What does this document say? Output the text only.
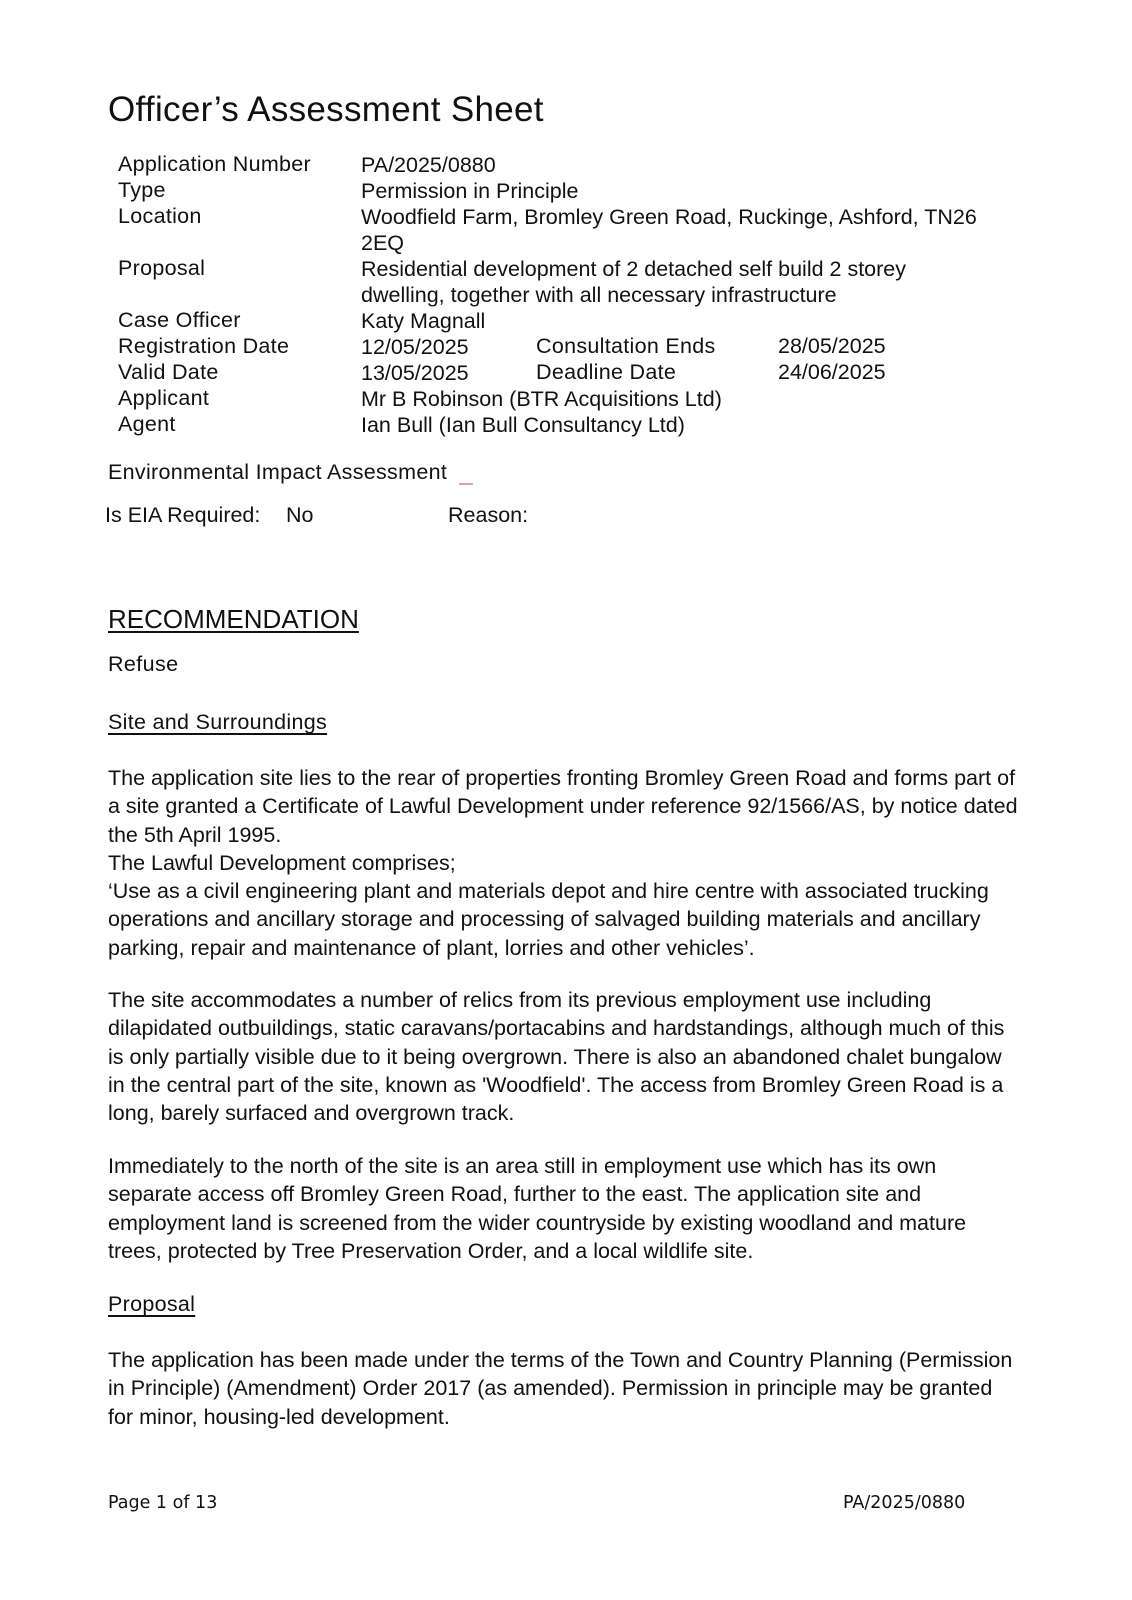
Officer’s Assessment Sheet
Application Number PA/2025/0880
Type	Permission in Principle
Location	Woodfield Farm, Bromley Green Road, Ruckinge, Ashford, TN26 2EQ
Proposal	Residential development of 2 detached self build 2 storey dwelling, together with all necessary infrastructure
Case Officer	Katy Magnall
Registration Date	12/05/2025	Consultation Ends	28/05/2025
Valid Date	13/05/2025	Deadline Date	24/06/2025
Applicant	Mr B Robinson (BTR Acquisitions Ltd)
Agent	Ian Bull (Ian Bull Consultancy Ltd)
Environmental Impact Assessment
Is EIA Required: No	Reason:
RECOMMENDATION
Refuse
Site and Surroundings
The application site lies to the rear of properties fronting Bromley Green Road and forms part of a site granted a Certificate of Lawful Development under reference 92/1566/AS, by notice dated the 5th April 1995.
The Lawful Development comprises;
‘Use as a civil engineering plant and materials depot and hire centre with associated trucking operations and ancillary storage and processing of salvaged building materials and ancillary parking, repair and maintenance of plant, lorries and other vehicles’.

The site accommodates a number of relics from its previous employment use including dilapidated outbuildings, static caravans/portacabins and hardstandings, although much of this is only partially visible due to it being overgrown. There is also an abandoned chalet bungalow in the central part of the site, known as 'Woodfield'. The access from Bromley Green Road is a long, barely surfaced and overgrown track.

Immediately to the north of the site is an area still in employment use which has its own separate access off Bromley Green Road, further to the east. The application site and employment land is screened from the wider countryside by existing woodland and mature trees, protected by Tree Preservation Order, and a local wildlife site.

Proposal

The application has been made under the terms of the Town and Country Planning (Permission in Principle) (Amendment) Order 2017 (as amended). Permission in principle may be granted for minor, housing-led development.

Page 1 of 13	PA/2025/0880
